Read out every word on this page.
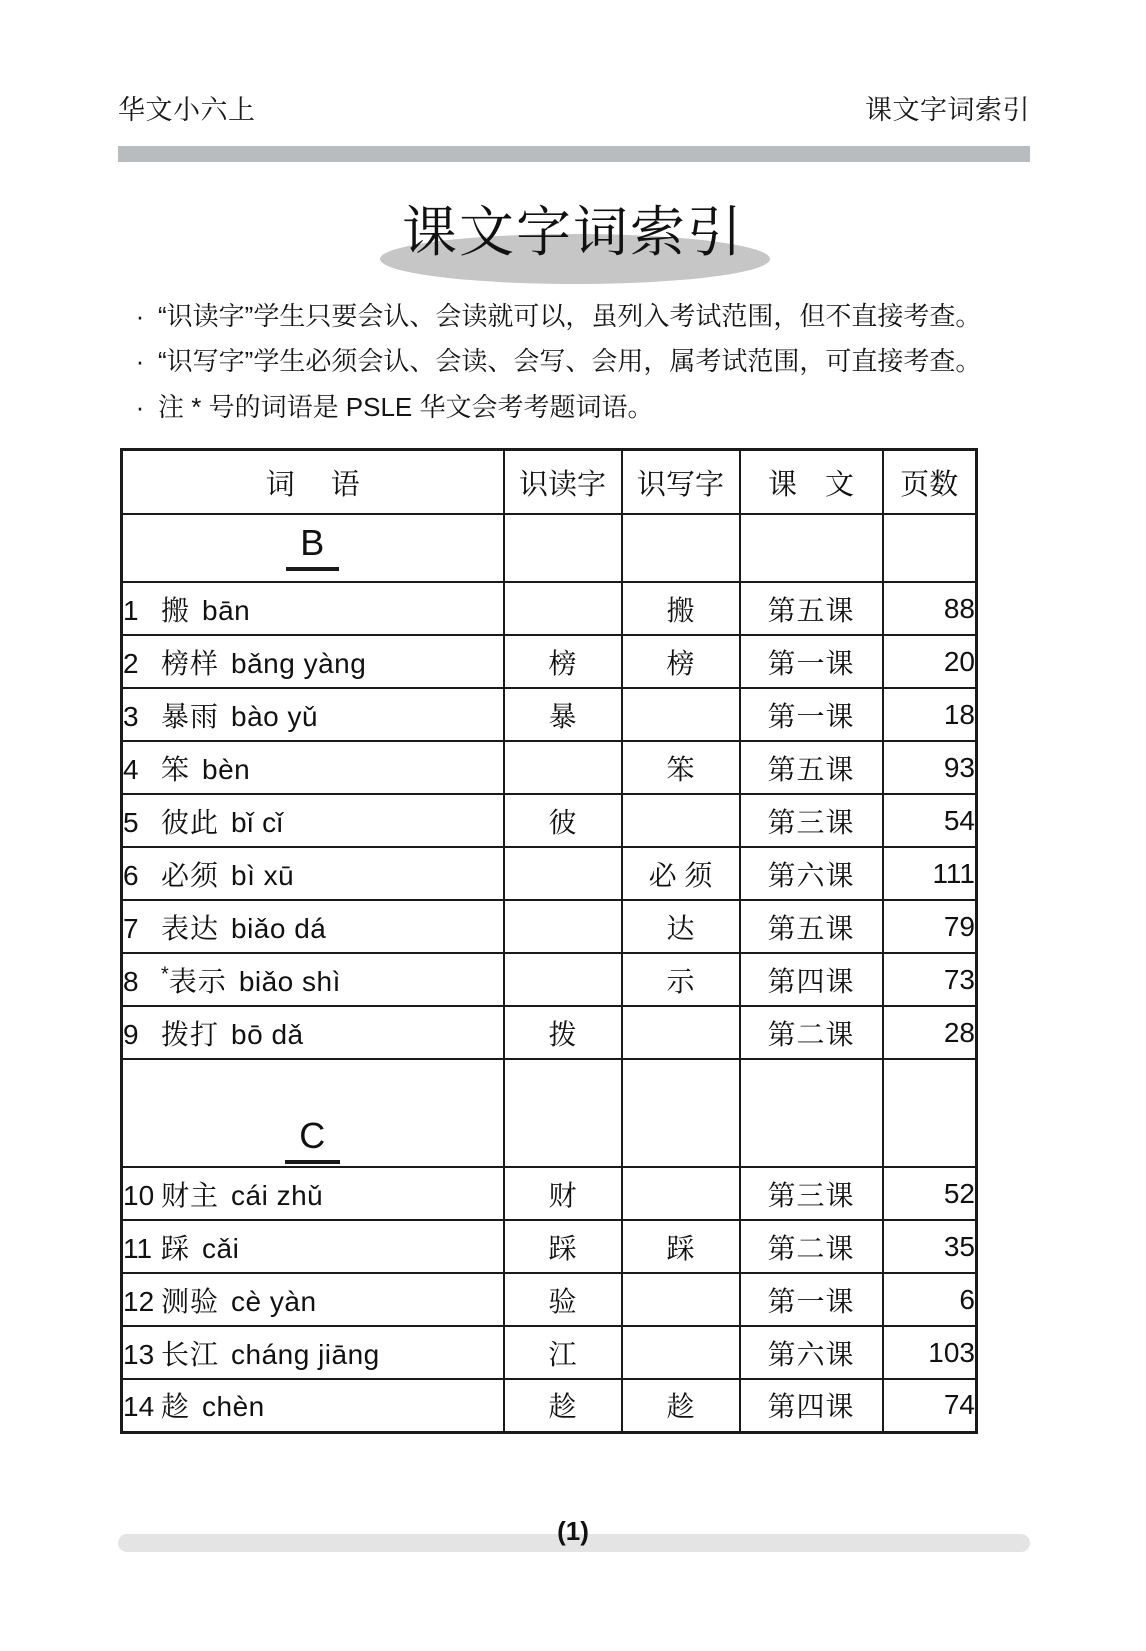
华文小六上	课文字词索引
课文字词索引
· “识读字”学生只要会认、会读就可以，虽列入考试范围，但不直接考查。
· “识写字”学生必须会认、会读、会写、会用，属考试范围，可直接考查。
· 注 * 号的词语是 PSLE 华文会考考题词语。
词 语	识读字	识写字	课 文	页数
B				
1 搬 bān		搬	第五课	88
2 榜样 bǎng yàng	榜	榜	第一课	20
3 暴雨 bào yǔ	暴		第一课	18
4 笨 bèn		笨	第五课	93
5 彼此 bǐ cǐ	彼		第三课	54
6 必须 bì xū		必 须	第六课	111
7 表达 biǎo dá		达	第五课	79
8 *表示 biǎo shì		示	第四课	73
9 拨打 bō dǎ	拨		第二课	28
C				
10 财主 cái zhǔ	财		第三课	52
11 踩 cǎi	踩	踩	第二课	35
12 测验 cè yàn	验		第一课	6
13 长江 cháng jiāng	江		第六课	103
14 趁 chèn	趁	趁	第四课	74
(1)
